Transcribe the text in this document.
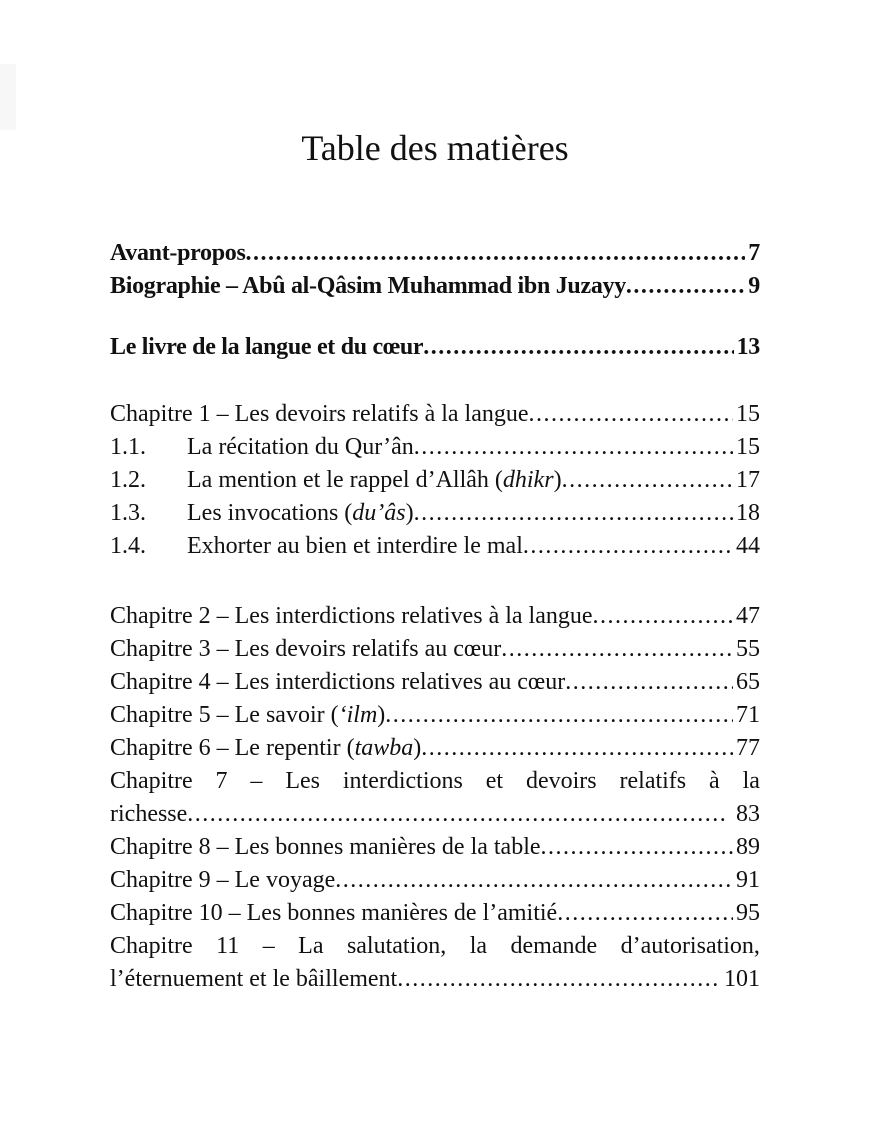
Table des matières
Avant-propos .....	7
Biographie – Abû al-Qâsim Muhammad ibn Juzayy .....	9
Le livre de la langue et du cœur .....	13
Chapitre 1 – Les devoirs relatifs à la langue .....	15
1.1.	La récitation du Qur’ân .....	15
1.2.	La mention et le rappel d’Allâh (dhikr) .....	17
1.3.	Les invocations (du’âs) .....	18
1.4.	Exhorter au bien et interdire le mal .....	44
Chapitre 2 – Les interdictions relatives à la langue .....	47
Chapitre 3 – Les devoirs relatifs au cœur .....	55
Chapitre 4 – Les interdictions relatives au cœur .....	65
Chapitre 5 – Le savoir (‘ilm) .....	71
Chapitre 6 – Le repentir (tawba) .....	77
Chapitre 7 – Les interdictions et devoirs relatifs à la
richesse .....	83
Chapitre 8 – Les bonnes manières de la table .....	89
Chapitre 9 – Le voyage .....	91
Chapitre 10 – Les bonnes manières de l’amitié .....	95
Chapitre 11 – La salutation, la demande d’autorisation,
l’éternuement et le bâillement .....	101
